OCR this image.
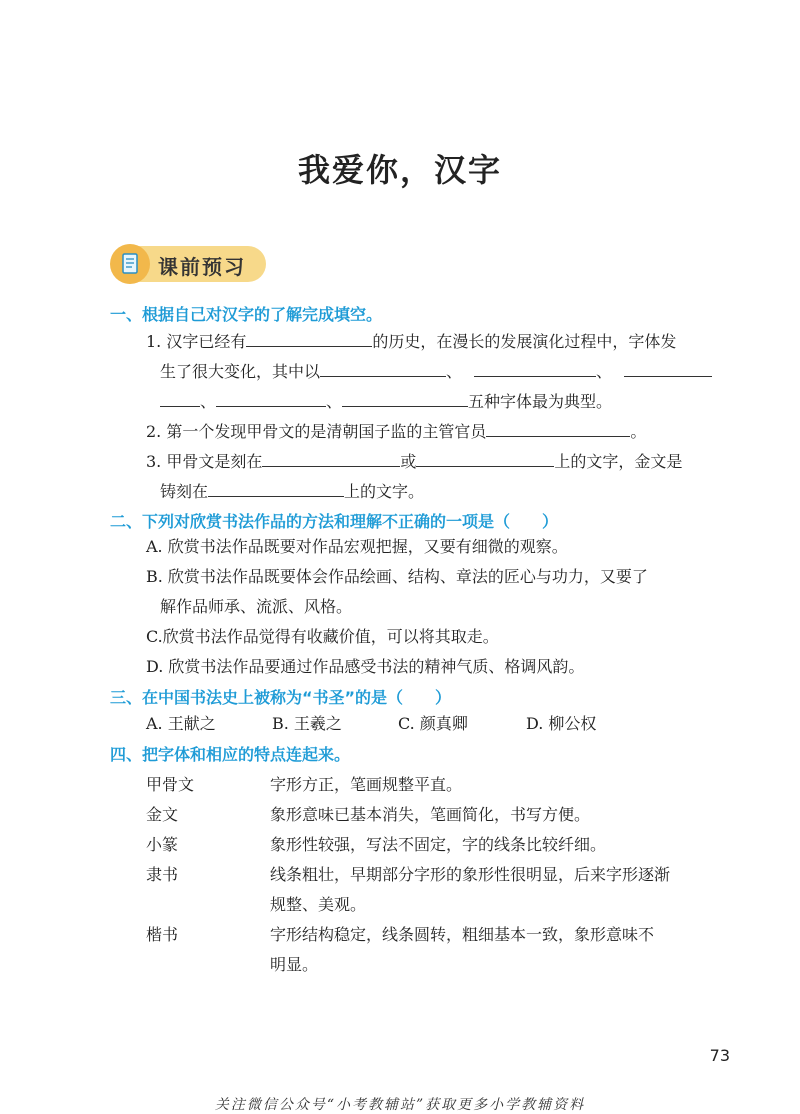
我爱你，汉字
课前预习
一、根据自己对汉字的了解完成填空。
1. 汉字已经有	的历史，在漫长的发展演化过程中，字体发
生了很大变化，其中以	、	、
、	、	五种字体最为典型。
2. 第一个发现甲骨文的是清朝国子监的主管官员	。
3. 甲骨文是刻在	或	上的文字，金文是
铸刻在	上的文字。
二、下列对欣赏书法作品的方法和理解不正确的一项是（　　）
A. 欣赏书法作品既要对作品宏观把握，又要有细微的观察。
B. 欣赏书法作品既要体会作品绘画、结构、章法的匠心与功力，又要了
解作品师承、流派、风格。
C.欣赏书法作品觉得有收藏价值，可以将其取走。
D. 欣赏书法作品要通过作品感受书法的精神气质、格调风韵。
三、在中国书法史上被称为“书圣”的是（　　）
A. 王献之	B. 王羲之	C. 颜真卿	D. 柳公权
四、把字体和相应的特点连起来。
甲骨文	字形方正，笔画规整平直。
金文	象形意味已基本消失，笔画简化，书写方便。
小篆	象形性较强，写法不固定，字的线条比较纤细。
隶书	线条粗壮，早期部分字形的象形性很明显，后来字形逐渐
规整、美观。
楷书	字形结构稳定，线条圆转，粗细基本一致，象形意味不
明显。
73
关注微信公众号“小考教辅站”获取更多小学教辅资料
